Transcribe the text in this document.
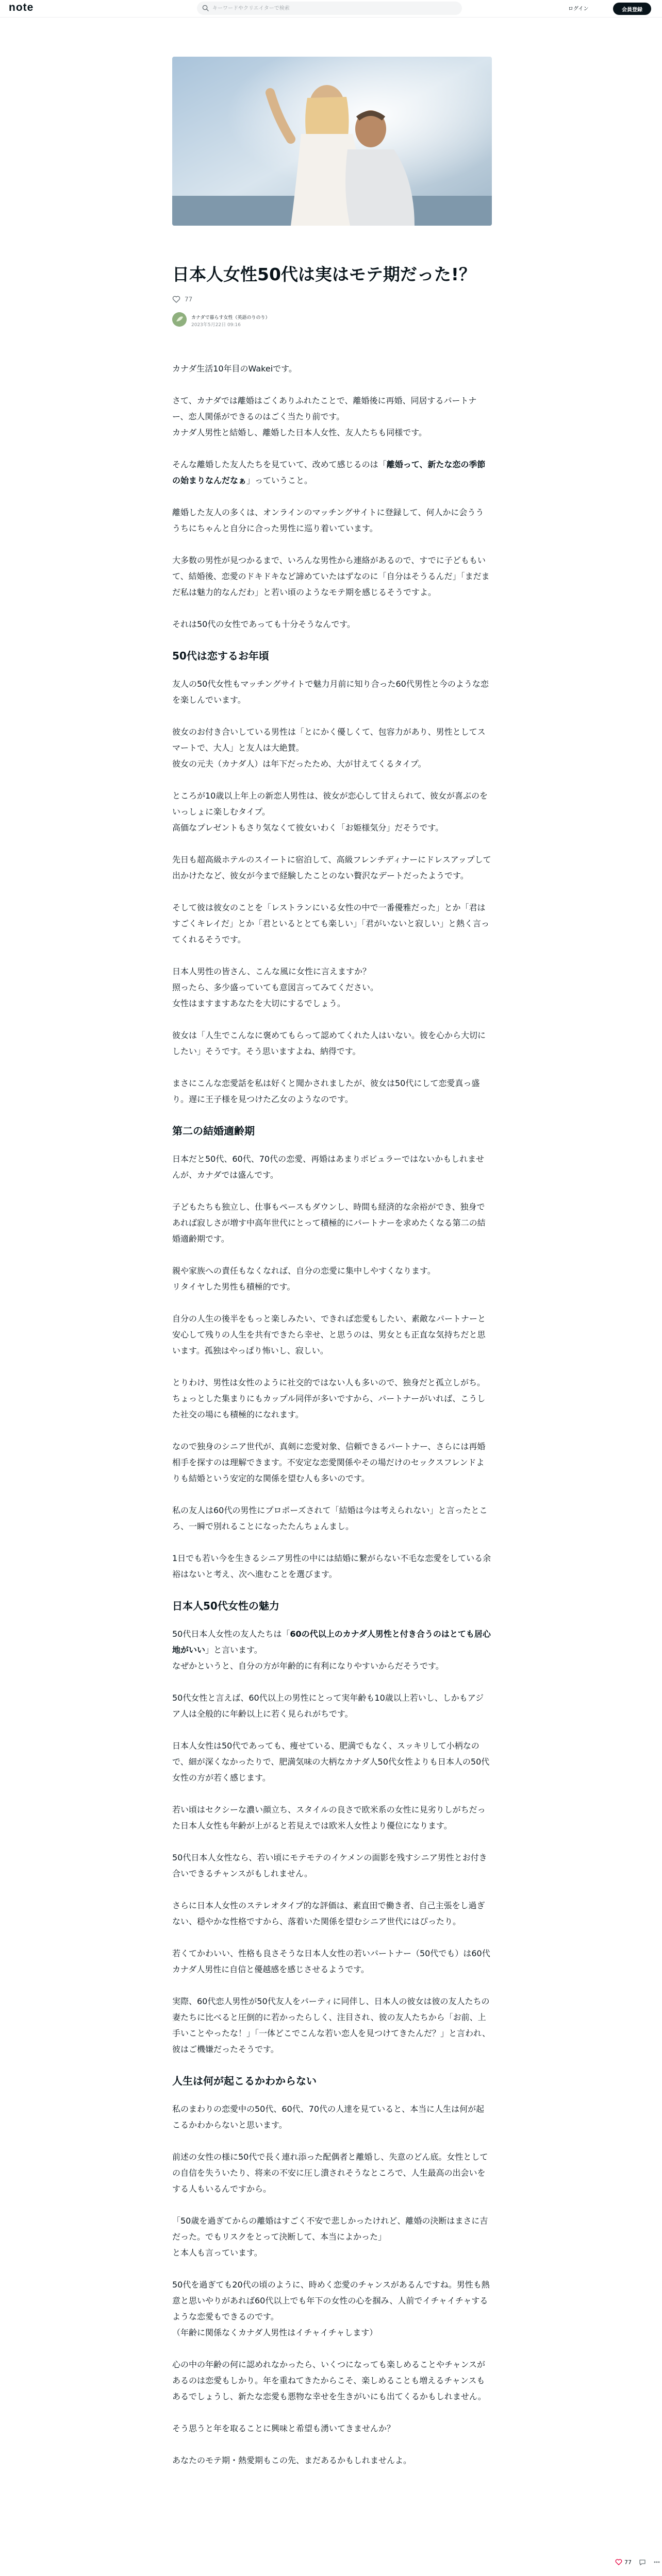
note
キーワードやクリエイターで検索	ログイン	会員登録
日本人女性50代は実はモテ期だった!？
77
カナダで暮らす女性（英語のりのり）
2023年5月22日 09:16

カナダ生活10年目のWakeiです。

さて、カナダでは離婚はごくありふれたことで、離婚後に再婚、同居するパートナー、恋人関係ができるのはごく当たり前です。
カナダ人男性と結婚し、離婚した日本人女性、友人たちも同様です。

そんな離婚した友人たちを見ていて、改めて感じるのは「離婚って、新たな恋の季節の始まりなんだなぁ」っていうこと。

離婚した友人の多くは、オンラインのマッチングサイトに登録して、何人かに会うううちにちゃんと自分に合った男性に巡り着いています。

大多数の男性が見つかるまで、いろんな男性から連絡があるので、すでに子どももいて、結婚後、恋愛のドキドキなど諦めていたはずなのに「自分はそうるんだ」「まだまだ私は魅力的なんだわ」と若い頃のようなモテ期を感じるそうですよ。

それは50代の女性であっても十分そうなんです。

50代は恋するお年頃

友人の50代女性もマッチングサイトで魅力月前に知り合った60代男性と今のような恋を楽しんでいます。

彼女のお付き合いしている男性は「とにかく優しくて、包容力があり、男性としてスマートで、大人」と友人は大絶賛。
彼女の元夫（カナダ人）は年下だったため、大が甘えてくるタイプ。

ところが10歳以上年上の新恋人男性は、彼女が恋心して甘えられて、彼女が喜ぶのをいっしょに楽しむタイプ。
高価なプレゼントもさり気なくて彼女いわく「お姫様気分」だそうです。

先日も超高級ホテルのスイートに宿泊して、高級フレンチディナーにドレスアップして出かけたなど、彼女が今まで経験したことのない贅沢なデートだったようです。

そして彼は彼女のことを「レストランにいる女性の中で一番優雅だった」とか「君はすごくキレイだ」とか「君といるととても楽しい」「君がいないと寂しい」と熱く言ってくれるそうです。

日本人男性の皆さん、こんな風に女性に言えますか？
照ったら、多少盛っていても意図言ってみてください。
女性はますますあなたを大切にするでしょう。

彼女は「人生でこんなに褒めてもらって認めてくれた人はいない。彼を心から大切にしたい」そうです。そう思いますよね、納得です。

まさにこんな恋愛話を私は好くと聞かされましたが、彼女は50代にして恋愛真っ盛り。遅に王子様を見つけた乙女のようなのです。

第二の結婚適齢期

日本だと50代、60代、70代の恋愛、再婚はあまりポピュラーではないかもしれませんが、カナダでは盛んです。

子どもたちも独立し、仕事もペースもダウンし、時間も経済的な余裕ができ、独身であれば寂しさが増す中高年世代にとって積極的にパートナーを求めたくなる第二の結婚適齢期です。

親や家族への責任もなくなれば、自分の恋愛に集中しやすくなります。
リタイヤした男性も積極的です。

自分の人生の後半をもっと楽しみたい、できれば恋愛もしたい、素敵なパートナーと安心して残りの人生を共有できたら幸せ、と思うのは、男女とも正直な気持ちだと思います。孤独はやっぱり怖いし、寂しい。

とりわけ、男性は女性のように社交的ではない人も多いので、独身だと孤立しがち。ちょっとした集まりにもカップル同伴が多いですから、パートナーがいれば、こうした社交の場にも積極的になれます。

なので独身のシニア世代が、真剣に恋愛対象、信頼できるパートナー、さらには再婚相手を探すのは理解できます。不安定な恋愛関係やその場だけのセックスフレンドよりも結婚という安定的な関係を望む人も多いのです。

私の友人は60代の男性にプロポーズされて「結婚は今は考えられない」と言ったところ、一瞬で別れることになったたんちょんまし。

1日でも若い今を生きるシニア男性の中には結婚に繋がらない不毛な恋愛をしている余裕はないと考え、次へ進むことを選びます。

日本人50代女性の魅力

50代日本人女性の友人たちは「60の代以上のカナダ人男性と付き合うのはとても居心地がいい」と言います。
なぜかというと、自分の方が年齢的に有利になりやすいからだそうです。

50代女性と言えば、60代以上の男性にとって実年齢も10歳以上若いし、しかもアジア人は全般的に年齢以上に若く見られがちです。

日本人女性は50代であっても、痩せている、肥満でもなく、スッキリして小柄なので、細が深くなかったりで、肥満気味の大柄なカナダ人50代女性よりも日本人の50代女性の方が若く感じます。

若い頃はセクシーな濃い顔立ち、スタイルの良さで欧米系の女性に見劣りしがちだった日本人女性も年齢が上がると若見えでは欧米人女性より優位になります。

50代日本人女性なら、若い頃にモテモテのイケメンの面影を残すシニア男性とお付き合いできるチャンスがもしれません。

さらに日本人女性のステレオタイプ的な評価は、素直田で働き者、自己主張をし過ぎない、穏やかな性格ですから、落着いた関係を望むシニア世代にはぴったり。

若くてかわいい、性格も良さそうな日本人女性の若いパートナー（50代でも）は60代カナダ人男性に自信と優越感を感じさせるようです。

実際、60代恋人男性が50代友人をパーティに同伴し、日本人の彼女は彼の友人たちの妻たちに比べると圧倒的に若かったらしく、注目され、彼の友人たちから「お前、上手いことやったな！」「一体どこでこんな若い恋人を見つけてきたんだ？」と言われ、彼はご機嫌だったそうです。

人生は何が起こるかわからない

私のまわりの恋愛中の50代、60代、70代の人達を見ていると、本当に人生は何が起こるかわからないと思います。

前述の女性の様に50代で長く連れ添った配偶者と離婚し、失意のどん底。女性としての自信を失ういたり、将来の不安に圧し潰されそうなところで、人生最高の出会いをする人もいるんですから。

「50歳を過ぎてからの離婚はすごく不安で悲しかったけれど、離婚の決断はまさに吉だった。でもリスクをとって決断して、本当によかった」
と本人も言っています。

50代を過ぎても20代の頃のように、時めく恋愛のチャンスがあるんですね。男性も熱意と思いやりがあれば60代以上でも年下の女性の心を掴み、人前でイチャイチャするような恋愛もできるのです。
（年齢に関係なくカナダ人男性はイチャイチャします）

心の中の年齢の何に認めれなかったら、いくつになっても楽しめることやチャンスがあるのは恋愛もしかり。年を重ねてきたからこそ、楽しめることも増えるチャンスもあるでしょうし、新たな恋愛も悪物な幸せを生きがいにも出てくるかもしれません。

そう思うと年を取ることに興味と希望も湧いてきませんか？

あなたのモテ期・熱愛期もこの先、まだあるかもしれませんよ。

77
